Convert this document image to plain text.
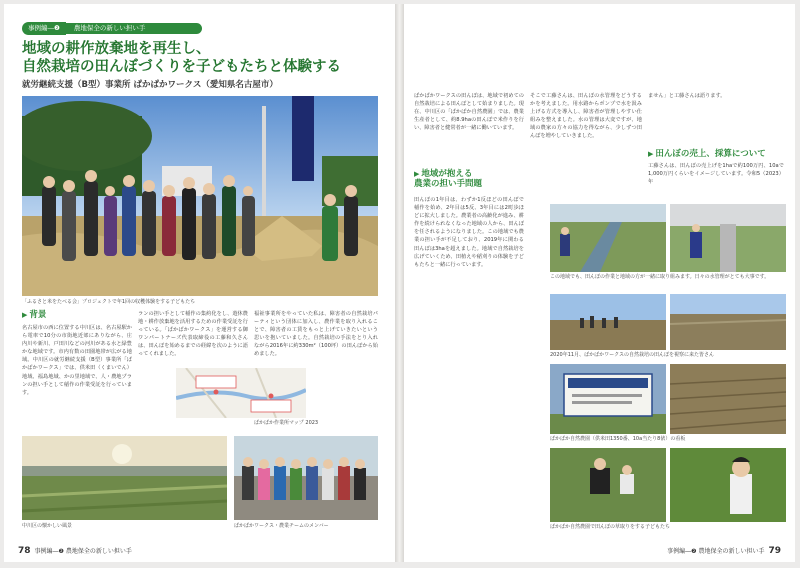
事例編―❷	農地保全の新しい担い手
地域の耕作放棄地を再生し、
自然栽培の田んぼづくりを子どもたちと体験する
就労継続支援（B型）事業所 ぱかぱかワークス（愛知県名古屋市）
「ふるさと米をたべる会」プロジェクトで年1回の収穫体験をする子どもたち
▶ 背景
名古屋市の西に位置する中川区は、名古屋駅から電車で10分の市街地近郊にありながら、庄内川や新川、戸田川などの河川がある水と緑豊かな地域です。市内有数の田園地帯が広がる地域。中川区の就労継続支援（B型）事業所「ぱかぱかワークス」では、供米田（くまいでん）地域、福島地域、かの里地域で、人・農地プランの担い手として稲作の作業受託を行っています。
ランの担い手として稲作の集約化をし、遊休農地・耕作放棄地を活用するための作業受託を行っている。「ぱかぱかワークス」を運営する御ワンパートナーズ代表取締役の工藤和久さんは、田んぼを始めるまでの経緯を次のように語ってくれました。
福祉事業所をやっていた私は、障害者の自然栽培パーティという団体に加入し、農作業を取り入れることで、障害者の工賃をもっと上げていきたいという思いを抱いていました。自然栽培の手法をとり入れながら2016年に約330m²（100坪）の田んぼから始めました。
ぱかぱか作業所マップ 2023
中川区の懐かしい風景	ぱかぱかワークス・農業チームのメンバー
78 事例編―❷ 農地保全の新しい担い手
ぱかぱかワークスの田んぼは、地域で初めての自然栽培による田んぼとして始まりました。現在、中川区の「ぱかぱか自然農園」では、農業生産者として、約8.9haの田んぼで米作りを行い、障害者と健常者が一緒に働いています。
▶ 地域が抱える
農業の担い手問題
田んぼの1年目は、わずか1反ほどの田んぼで稲作を始め、2年目は5反、3年目には2町歩ほどに拡大しました。農業者の高齢化が進み、耕作を続けられなくなった地域の人から、田んぼを任されるようになりました。この地域でも農業の担い手が不足しており、2019年に関わる田んぼは3haを超えました。地域で自然栽培を広げていくため、田植えや稲刈りの体験を子どもたちと一緒に行っています。
そこで工藤さんは、田んぼの水管理をどうするかを考えました。用水路からポンプで水を汲み上げる方式を導入し、障害者が管理しやすい仕組みを整えました。水の管理は大変ですが、地域の農家の方々の協力を得ながら、少しずつ田んぼを増やしていきました。
ません」と工藤さんは語ります。
▶ 田んぼの売上、採算について
工藤さんは、田んぼの売上げを1haで約100万円、10aで1,000万円くらいをイメージしています。令和5（2023）年
この地域でも、田んぼの作業と地域の方が一緒に取り組みます。日々の水管理がとても大事です。
2020年11月、ぱかぱかワークスの自然栽培の田んぼを視察に来た皆さん
ぱかぱか自然農園（供米田1350番、10a当たり8俵）の看板
ぱかぱか自然農園で田んぼの草取りをする子どもたち
事例編―❷ 農地保全の新しい担い手 79
